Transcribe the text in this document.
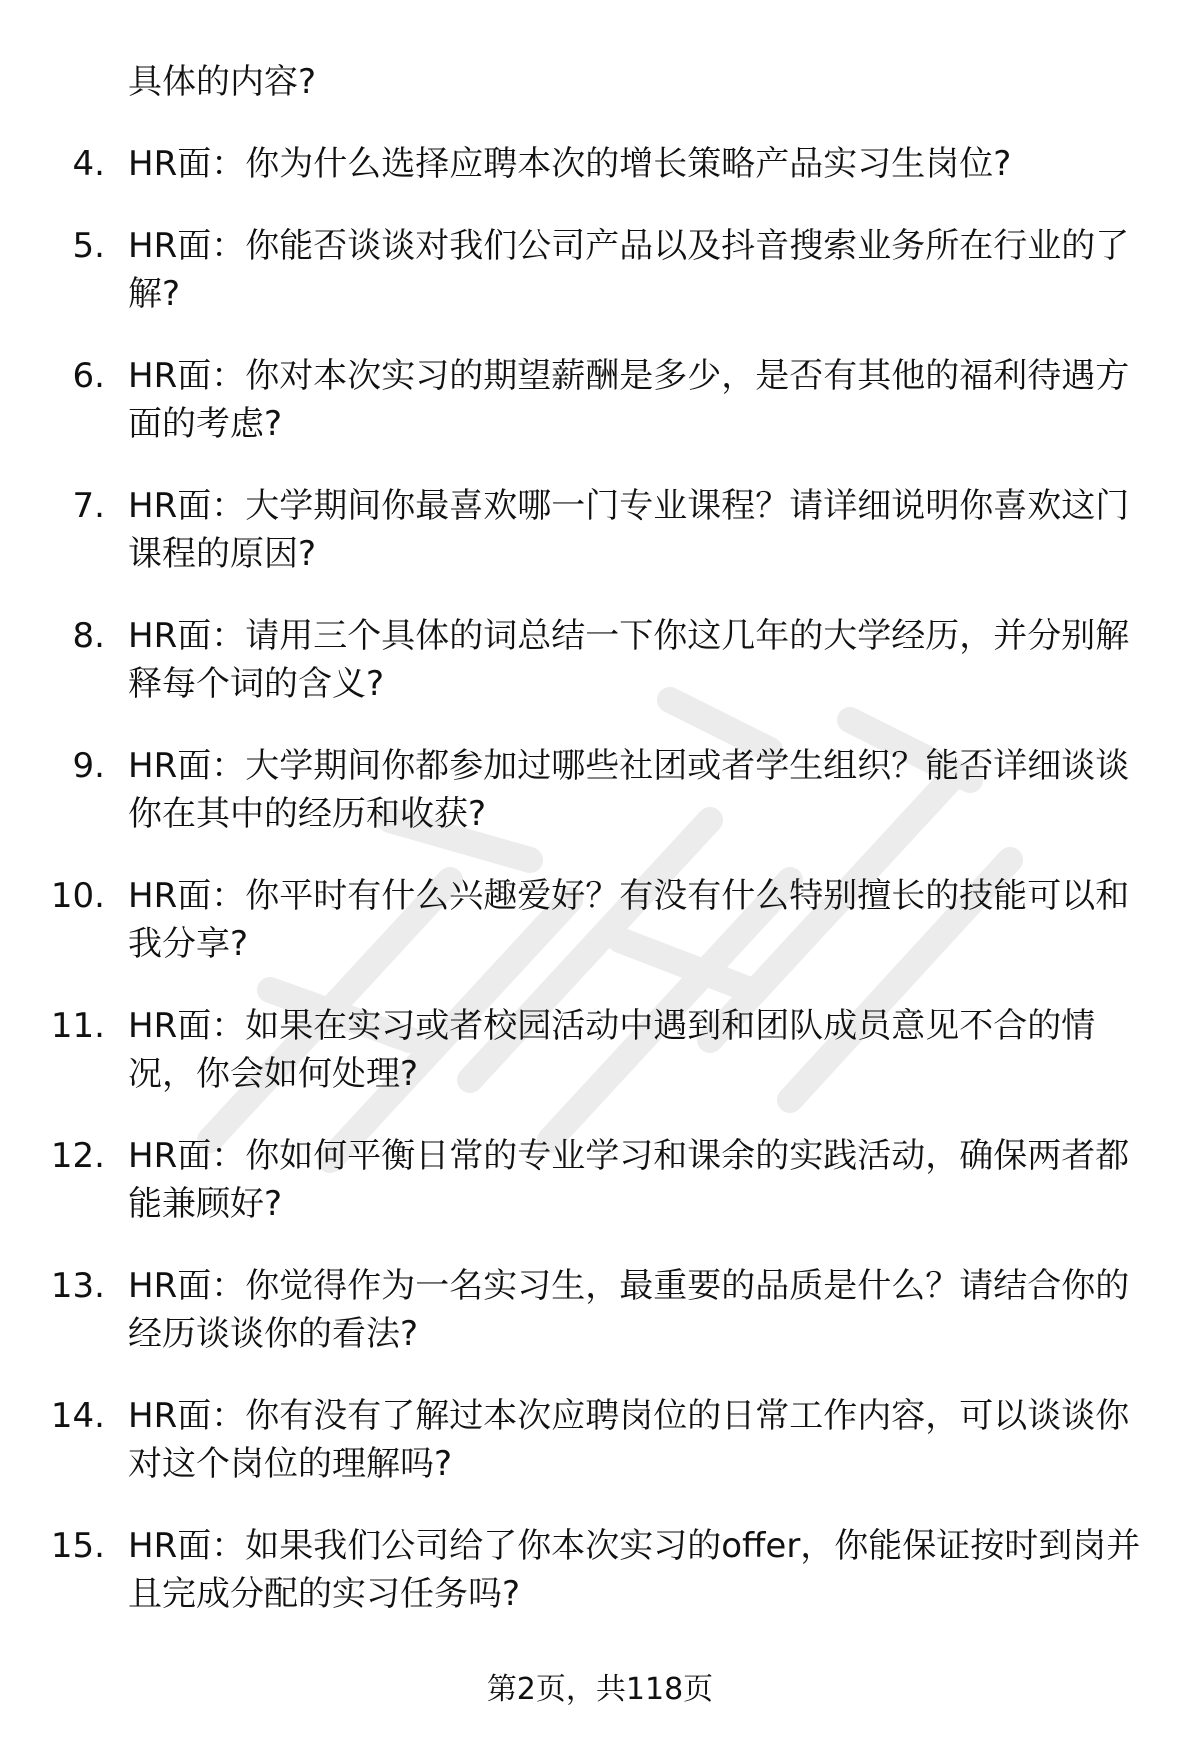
具体的内容?

4. HR面：你为什么选择应聘本次的增长策略产品实习生岗位?

5. HR面：你能否谈谈对我们公司产品以及抖音搜索业务所在行业的了解?

6. HR面：你对本次实习的期望薪酬是多少，是否有其他的福利待遇方面的考虑?

7. HR面：大学期间你最喜欢哪一门专业课程？请详细说明你喜欢这门课程的原因?

8. HR面：请用三个具体的词总结一下你这几年的大学经历，并分别解释每个词的含义?

9. HR面：大学期间你都参加过哪些社团或者学生组织？能否详细谈谈你在其中的经历和收获?

10. HR面：你平时有什么兴趣爱好？有没有什么特别擅长的技能可以和我分享?

11. HR面：如果在实习或者校园活动中遇到和团队成员意见不合的情况，你会如何处理?

12. HR面：你如何平衡日常的专业学习和课余的实践活动，确保两者都能兼顾好?

13. HR面：你觉得作为一名实习生，最重要的品质是什么？请结合你的经历谈谈你的看法?

14. HR面：你有没有了解过本次应聘岗位的日常工作内容，可以谈谈你对这个岗位的理解吗?

15. HR面：如果我们公司给了你本次实习的offer，你能保证按时到岗并且完成分配的实习任务吗?

第2页，共118页
